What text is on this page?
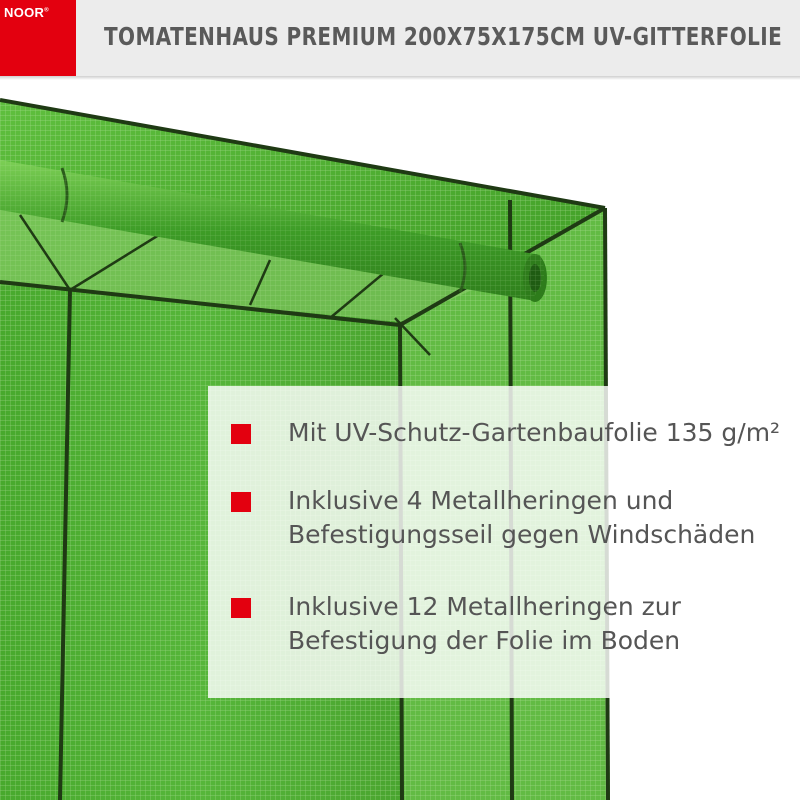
TOMATENHAUS PREMIUM 200X75X175CM UV-GITTERFOLIE
NOOR®
Mit UV-Schutz-Gartenbaufolie 135 g/m²
Inklusive 4 Metallheringen und
Befestigungsseil gegen Windschäden
Inklusive 12 Metallheringen zur
Befestigung der Folie im Boden
